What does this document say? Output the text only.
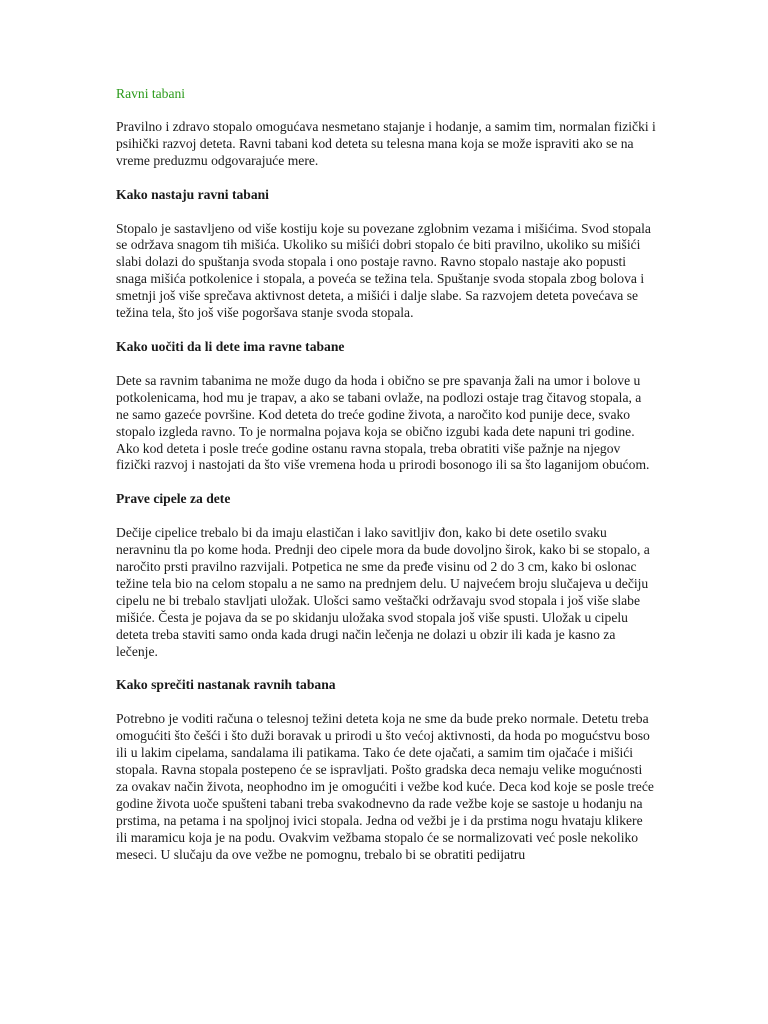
Ravni tabani
Pravilno i zdravo stopalo omogućava nesmetano stajanje i hodanje, a samim tim, normalan fizički i psihički razvoj deteta. Ravni tabani kod deteta su telesna mana koja se može ispraviti ako se na vreme preduzmu odgovarajuće mere.
Kako nastaju ravni tabani
Stopalo je sastavljeno od više kostiju koje su povezane zglobnim vezama i mišićima. Svod stopala se održava snagom tih mišića. Ukoliko su mišići dobri stopalo će biti pravilno, ukoliko su mišići slabi dolazi do spuštanja svoda stopala i ono postaje ravno. Ravno stopalo nastaje ako popusti snaga mišića potkolenice i stopala, a poveća se težina tela. Spuštanje svoda stopala zbog bolova i smetnji još više sprečava aktivnost deteta, a mišići i dalje slabe. Sa razvojem deteta povećava se težina tela, što još više pogoršava stanje svoda stopala.
Kako uočiti da li dete ima ravne tabane
Dete sa ravnim tabanima ne može dugo da hoda i obično se pre spavanja žali na umor i bolove u potkolenicama, hod mu je trapav, a ako se tabani ovlaže, na podlozi ostaje trag čitavog stopala, a ne samo gazeće površine. Kod deteta do treće godine života, a naročito kod punije dece, svako stopalo izgleda ravno. To je normalna pojava koja se obično izgubi kada dete napuni tri godine. Ako kod deteta i posle treće godine ostanu ravna stopala, treba obratiti više pažnje na njegov fizički razvoj i nastojati da što više vremena hoda u prirodi bosonogo ili sa što laganijom obućom.
Prave cipele za dete
Dečije cipelice trebalo bi da imaju elastičan i lako savitljiv đon, kako bi dete osetilo svaku neravninu tla po kome hoda. Prednji deo cipele mora da bude dovoljno širok, kako bi se stopalo, a naročito prsti pravilno razvijali. Potpetica ne sme da pređe visinu od 2 do 3 cm, kako bi oslonac težine tela bio na celom stopalu a ne samo na prednjem delu. U najvećem broju slučajeva u dečiju cipelu ne bi trebalo stavljati uložak. Ulošci samo veštački održavaju svod stopala i još više slabe mišiće. Česta je pojava da se po skidanju uložaka svod stopala još više spusti. Uložak u cipelu deteta treba staviti samo onda kada drugi način lečenja ne dolazi u obzir ili kada je kasno za lečenje.
Kako sprečiti nastanak ravnih tabana
Potrebno je voditi računa o telesnoj težini deteta koja ne sme da bude preko normale. Detetu treba omogućiti što češći i što duži boravak u prirodi u što većoj aktivnosti, da hoda po mogućstvu boso ili u lakim cipelama, sandalama ili patikama. Tako će dete ojačati, a samim tim ojačaće i mišići stopala. Ravna stopala postepeno će se ispravljati. Pošto gradska deca nemaju velike mogućnosti za ovakav način života, neophodno im je omogućiti i vežbe kod kuće. Deca kod koje se posle treće godine života uoče spušteni tabani treba svakodnevno da rade vežbe koje se sastoje u hodanju na prstima, na petama i na spoljnoj ivici stopala. Jedna od vežbi je i da prstima nogu hvataju klikere ili maramicu koja je na podu. Ovakvim vežbama stopalo će se normalizovati već posle nekoliko meseci. U slučaju da ove vežbe ne pomognu, trebalo bi se obratiti pedijatru
